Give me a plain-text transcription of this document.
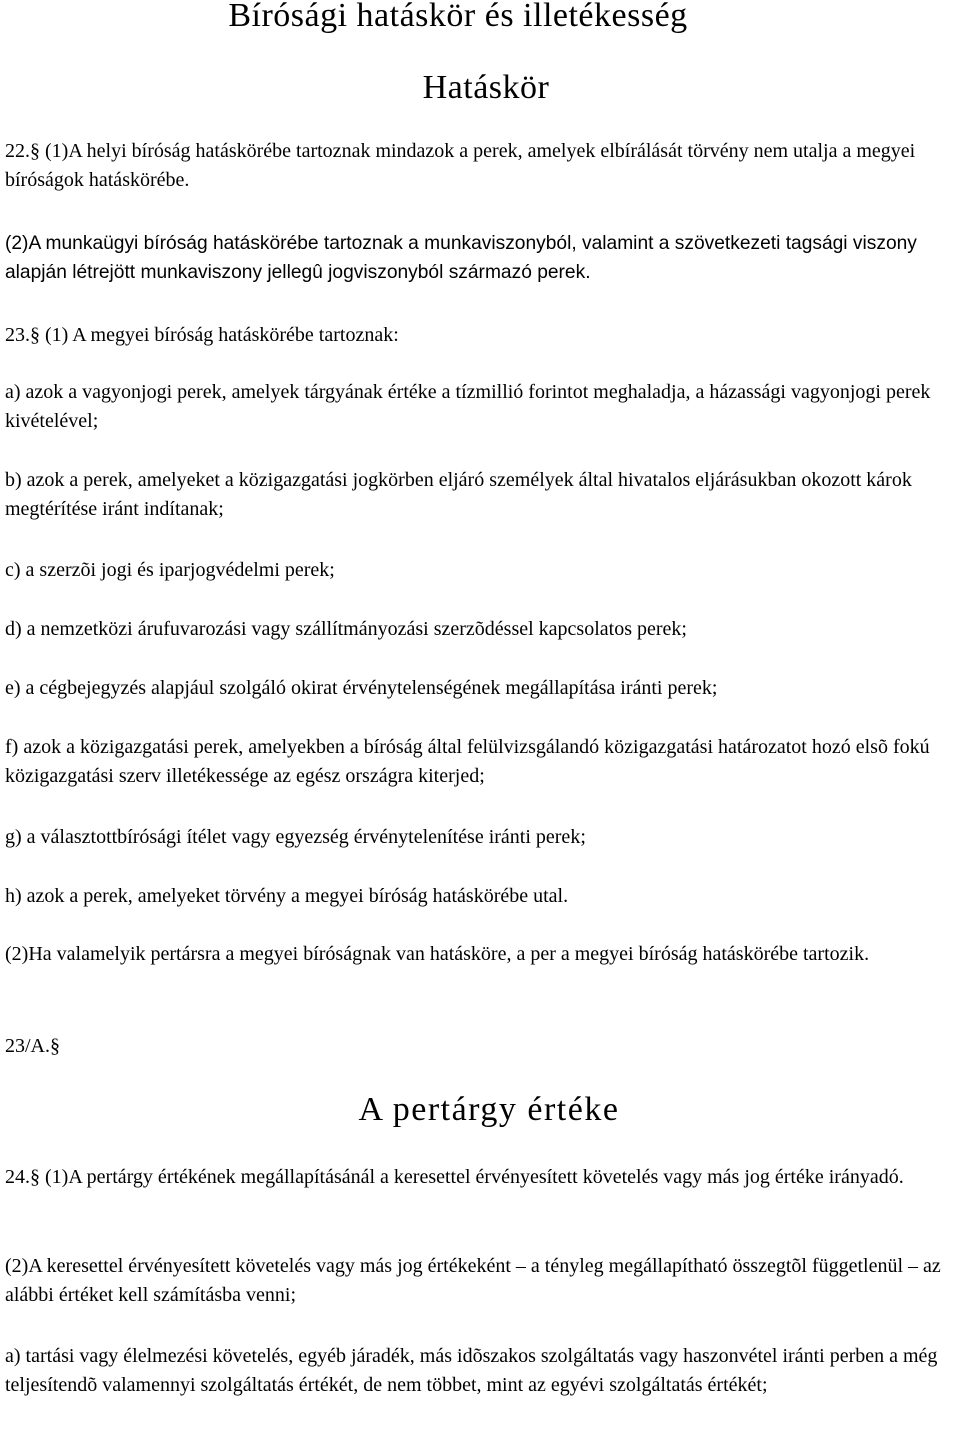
Bírósági hatáskör és illetékesség
Hatáskör

22.§ (1)A helyi bíróság hatáskörébe tartoznak mindazok a perek, amelyek elbírálását törvény nem utalja a megyei bíróságok hatáskörébe.

(2)A munkaügyi bíróság hatáskörébe tartoznak a munkaviszonyból, valamint a szövetkezeti tagsági viszony alapján létrejött munkaviszony jellegû jogviszonyból származó perek.

23.§ (1) A megyei bíróság hatáskörébe tartoznak:

a) azok a vagyonjogi perek, amelyek tárgyának értéke a tízmillió forintot meghaladja, a házassági vagyonjogi perek kivételével;

b) azok a perek, amelyeket a közigazgatási jogkörben eljáró személyek által hivatalos eljárásukban okozott károk megtérítése iránt indítanak;

c) a szerzõi jogi és iparjogvédelmi perek;

d) a nemzetközi árufuvarozási vagy szállítmányozási szerzõdéssel kapcsolatos perek;

e) a cégbejegyzés alapjául szolgáló okirat érvénytelenségének megállapítása iránti perek;

f) azok a közigazgatási perek, amelyekben a bíróság által felülvizsgálandó közigazgatási határozatot hozó elsõ fokú közigazgatási szerv illetékessége az egész országra kiterjed;

g) a választottbírósági ítélet vagy egyezség érvénytelenítése iránti perek;

h) azok a perek, amelyeket törvény a megyei bíróság hatáskörébe utal.

(2)Ha valamelyik pertársra a megyei bíróságnak van hatásköre, a per a megyei bíróság hatáskörébe tartozik.

23/A.§

A pertárgy értéke

24.§ (1)A pertárgy értékének megállapításánál a keresettel érvényesített követelés vagy más jog értéke irányadó.

(2)A keresettel érvényesített követelés vagy más jog értékeként – a tényleg megállapítható összegtõl függetlenül – az alábbi értéket kell számításba venni;

a) tartási vagy élelmezési követelés, egyéb járadék, más idõszakos szolgáltatás vagy haszonvétel iránti perben a még teljesítendõ valamennyi szolgáltatás értékét, de nem többet, mint az egyévi szolgáltatás értékét;
